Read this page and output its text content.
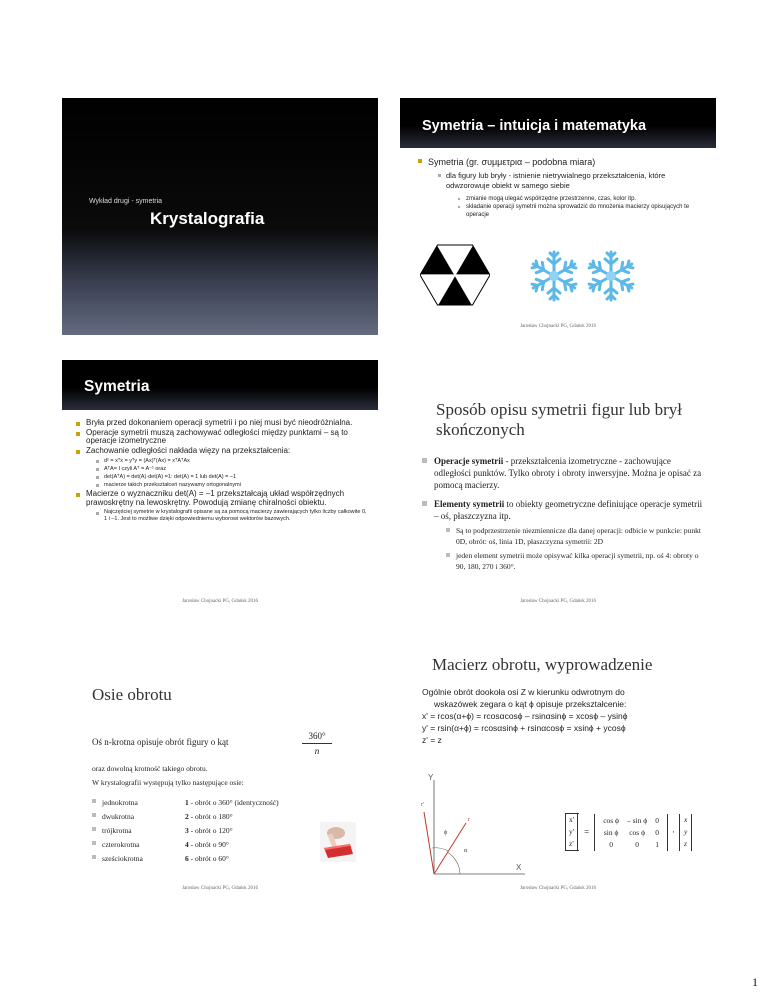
Wykład drugi - symetria
Krystalografia
Symetria – intuicja i matematyka
Symetria (gr. συμμετρια – podobna miara)
dla figury lub bryły - istnienie nietrywialnego przekształcenia, które odwzorowuje obiekt w samego siebie
zmianie mogą ulegać współrzędne przestrzenne, czas, kolor itp.
składanie operacji symetrii można sprowadzić do mnożenia macierzy opisujących te operacje
Jarosław Chojnacki PG, Gdańsk 2016
Symetria
Bryła przed dokonaniem operacji symetrii i po niej musi być nieodróżnialna.
Operacje symetrii muszą zachowywać odległości między punktami – są to operacje izometryczne
Zachowanie odległości nakłada więzy na przekształcenia:
d² = xᵀx = yᵀy = (Ax)ᵀ(Ax) = xᵀAᵀAx
AᵀA= I czyli Aᵀ = A⁻¹ oraz
det(AᵀA) = det(A)·det(A) =1: det(A) = 1 lub det(A) = –1
macierze takich przekształceń nazywamy ortogonalnymi
Macierze o wyznaczniku det(A) = –1 przekształcają układ współrzędnych prawoskrętny na lewoskrętny. Powodują zmianę chiralności obiektu.
Najczęściej symetrie w krystalografii opisane są za pomocą macierzy zawierających tylko liczby całkowite 0, 1 i –1. Jest to możliwe dzięki odpowiedniemu wyborowi wektorów bazowych.
Jarosław Chojnacki PG, Gdańsk 2016
Sposób opisu symetrii figur lub brył skończonych
Operacje symetrii - przekształcenia izometryczne - zachowujące odległości punktów. Tylko obroty i obroty inwersyjne. Można je opisać za pomocą macierzy.
Elementy symetrii to obiekty geometryczne definiujące operacje symetrii – oś, płaszczyzna itp.
Są to podprzestrzenie niezmiennicze dla danej operacji: odbicie w punkcie: punkt 0D, obrót: oś, linia 1D, płaszczyzna symetrii: 2D
jeden element symetrii może opisywać kilka operacji symetrii, np. oś 4: obroty o 90, 180, 270 i 360°.
Jarosław Chojnacki PG, Gdańsk 2016
Osie obrotu
Oś n-krotna opisuje obrót figury o kąt	$\frac{360^\circ}{n}$
oraz dowolną krotność takiego obrotu.
W krystalografii występują tylko następujące osie:
jednokrotna	1 - obrót o 360° (identyczność)
dwukrotna	2 - obrót o 180°
trójkrotna	3 - obrót o 120°
czterokrotna	4 - obrót o 90°
sześciokrotna	6 - obrót o 60°
Jarosław Chojnacki PG, Gdańsk 2016
Macierz obrotu, wyprowadzenie
Ogólnie obrót dookoła osi Z w kierunku odwrotnym do
wskazówek zegara o kąt ϕ opisuje przekształcenie:
x' = rcos(α+ϕ) = rcosαcosϕ – rsinαsinϕ = xcosϕ – ysinϕ
y' = rsin(α+ϕ) = rcosαsinϕ + rsinαcosϕ = xsinϕ + ycosϕ
z' = z
Y
X
r'
r
ϕ
α
x'
y'
z'
	=	
cos ϕ	– sin ϕ	0
sin ϕ	cos ϕ	0
0	0	1
	·	
x
y
z
Jarosław Chojnacki PG, Gdańsk 2016
1
